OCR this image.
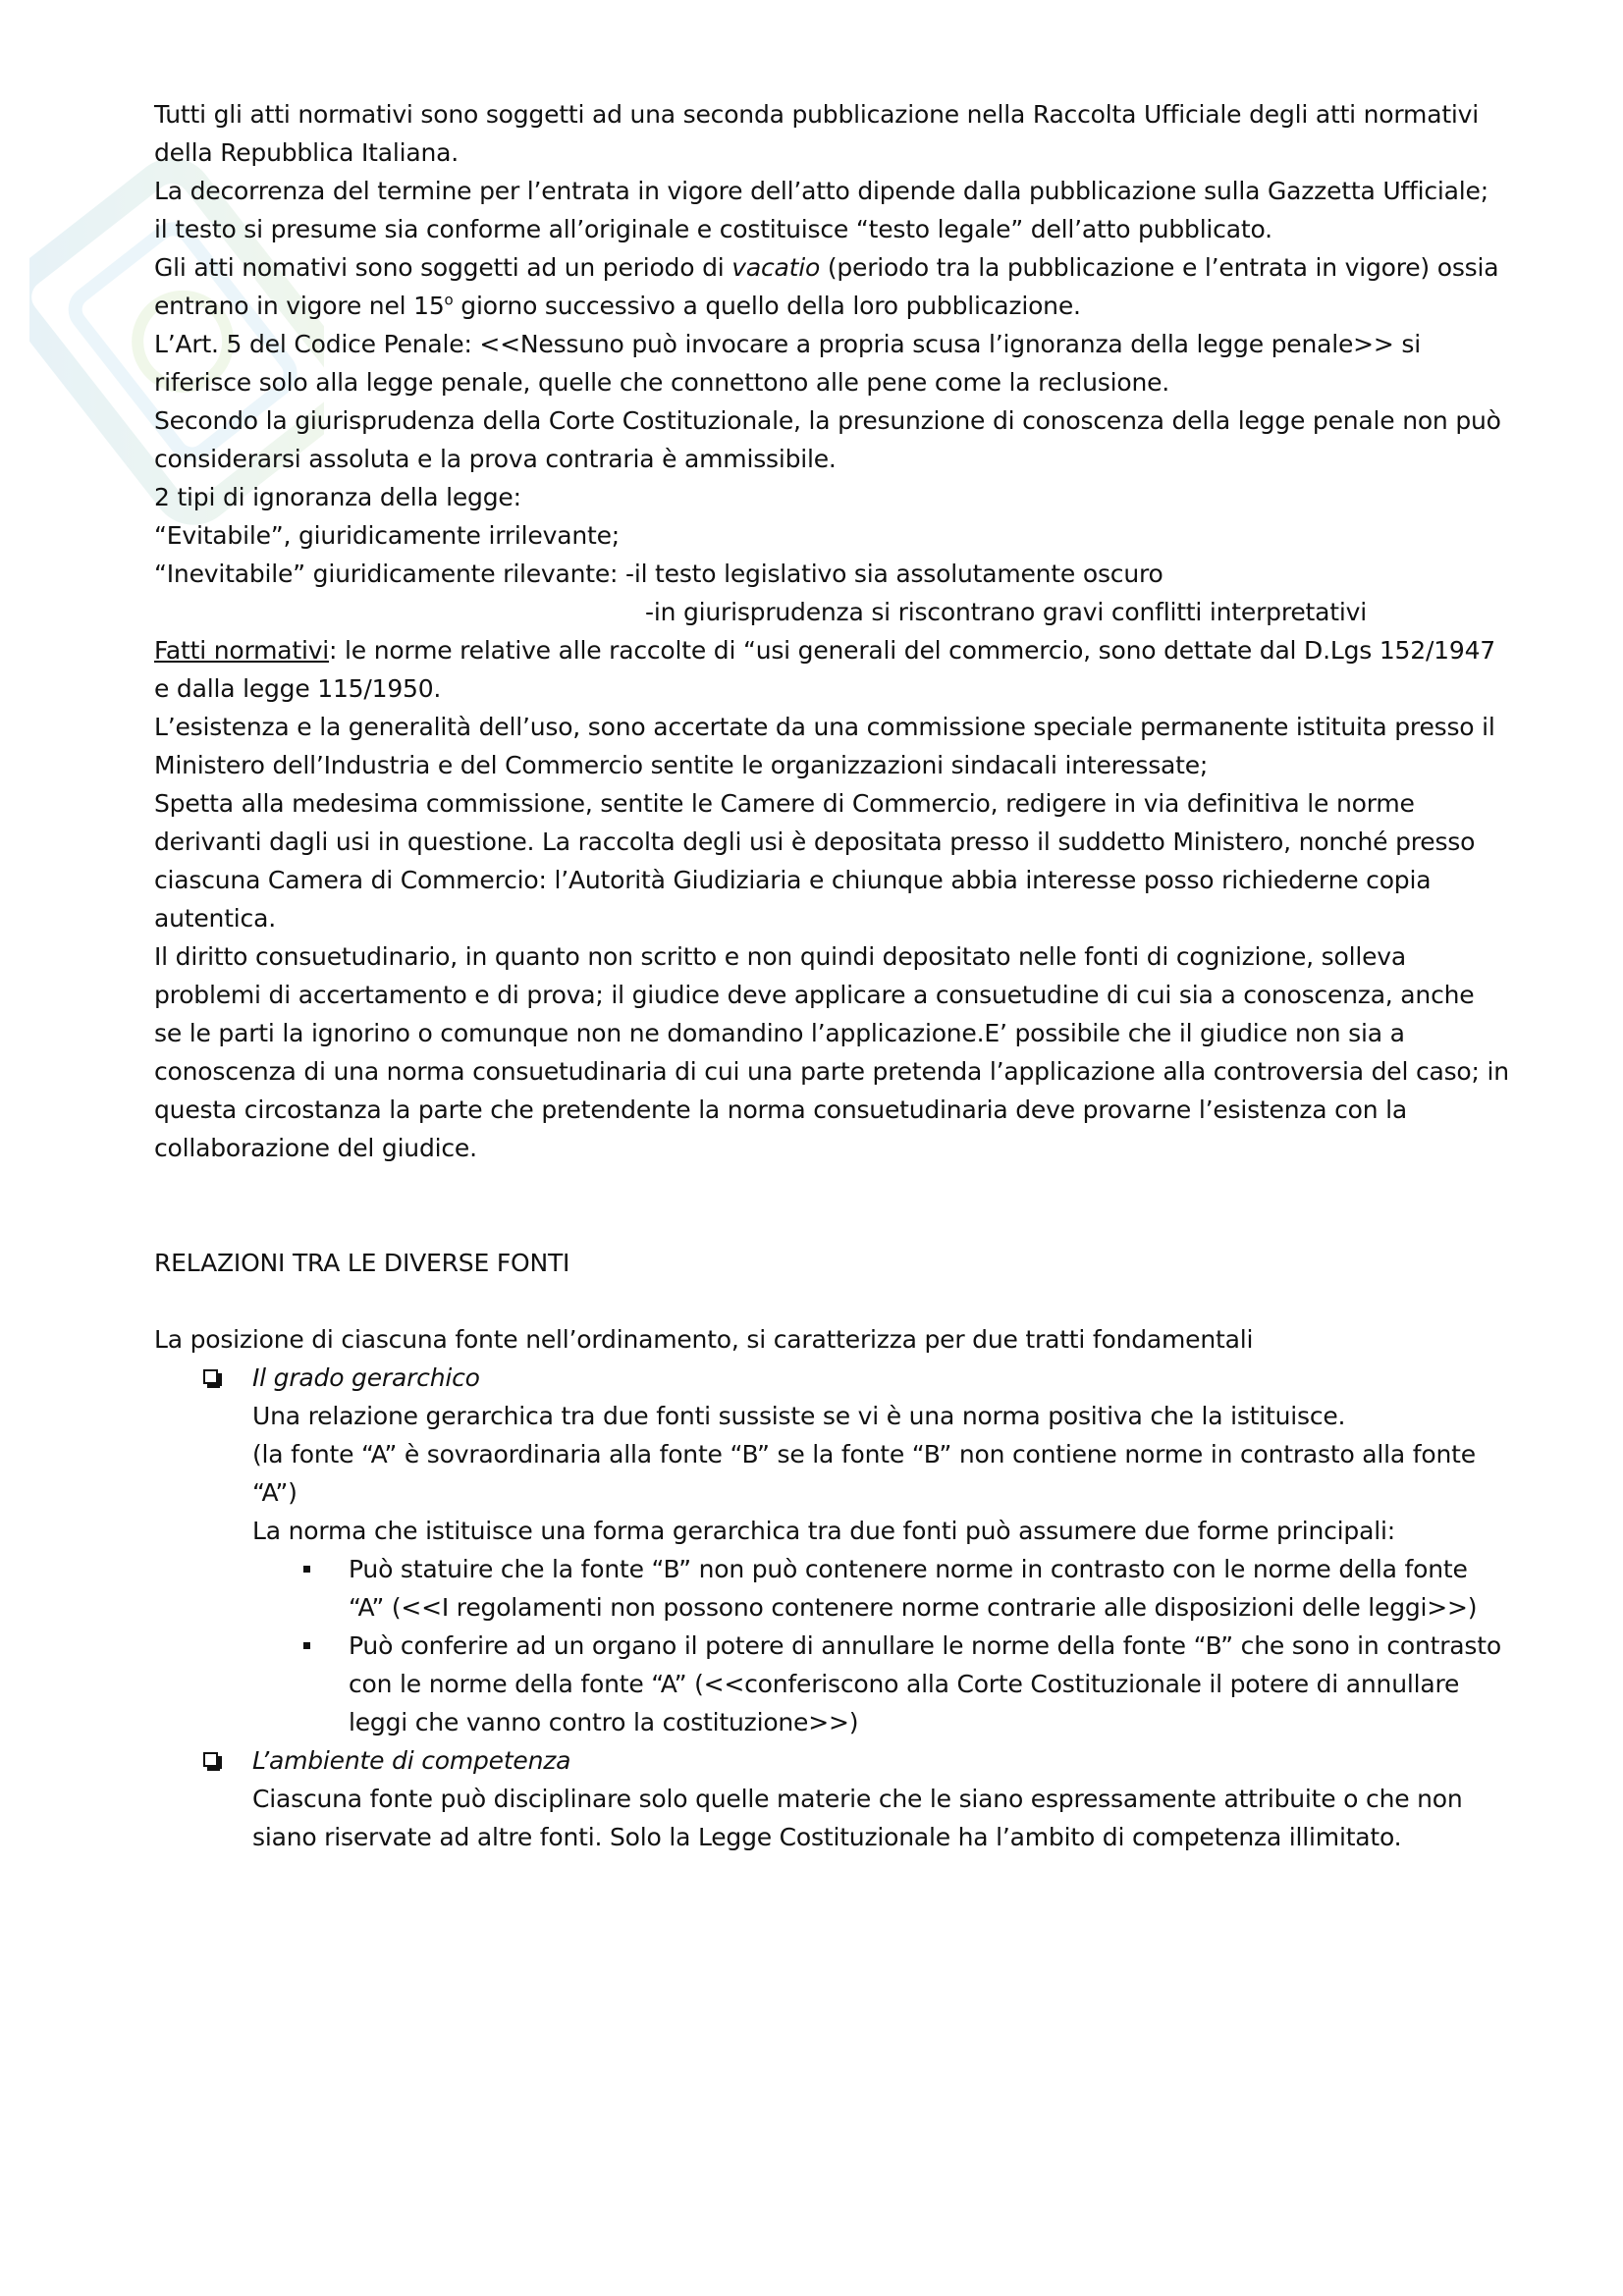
Tutti gli atti normativi sono soggetti ad una seconda pubblicazione nella Raccolta Ufficiale degli atti normativi della Repubblica Italiana.

La decorrenza del termine per l’entrata in vigore dell’atto dipende dalla pubblicazione sulla Gazzetta Ufficiale; il testo si presume sia conforme all’originale e costituisce “testo legale” dell’atto pubblicato.

Gli atti nomativi sono soggetti ad un periodo di vacatio (periodo tra la pubblicazione e l’entrata in vigore) ossia entrano in vigore nel 15$^o$ giorno successivo a quello della loro pubblicazione.

L’Art. 5 del Codice Penale: <<Nessuno può invocare a propria scusa l’ignoranza della legge penale>> si riferisce solo alla legge penale, quelle che connettono alle pene come la reclusione.

Secondo la giurisprudenza della Corte Costituzionale, la presunzione di conoscenza della legge penale non può considerarsi assoluta e la prova contraria è ammissibile.

2 tipi di ignoranza della legge:

“Evitabile”, giuridicamente irrilevante;

“Inevitabile” giuridicamente rilevante: -il testo legislativo sia assolutamente oscuro

-in giurisprudenza si riscontrano gravi conflitti interpretativi

Fatti normativi: le norme relative alle raccolte di “usi generali del commercio, sono dettate dal D.Lgs 152/1947 e dalla legge 115/1950.

L’esistenza e la generalità dell’uso, sono accertate da una commissione speciale permanente istituita presso il Ministero dell’Industria e del Commercio sentite le organizzazioni sindacali interessate;

Spetta alla medesima commissione, sentite le Camere di Commercio, redigere in via definitiva le norme derivanti dagli usi in questione. La raccolta degli usi è depositata presso il suddetto Ministero, nonché presso ciascuna Camera di Commercio: l’Autorità Giudiziaria e chiunque abbia interesse posso richiederne copia autentica.

Il diritto consuetudinario, in quanto non scritto e non quindi depositato nelle fonti di cognizione, solleva problemi di accertamento e di prova; il giudice deve applicare a consuetudine di cui sia a conoscenza, anche se le parti la ignorino o comunque non ne domandino l’applicazione.E’ possibile che il giudice non sia a conoscenza di una norma consuetudinaria di cui una parte pretenda l’applicazione alla controversia del caso; in questa circostanza la parte che pretendente la norma consuetudinaria deve provarne l’esistenza con la collaborazione del giudice.

RELAZIONI TRA LE DIVERSE FONTI

La posizione di ciascuna fonte nell’ordinamento, si caratterizza per due tratti fondamentali

Il grado gerarchico

Una relazione gerarchica tra due fonti sussiste se vi è una norma positiva che la istituisce.

(la fonte “A” è sovraordinaria alla fonte “B” se la fonte “B” non contiene norme in contrasto alla fonte “A”)

La norma che istituisce una forma gerarchica tra due fonti può assumere due forme principali:

Può statuire che la fonte “B” non può contenere norme in contrasto con le norme della fonte “A” (<<I regolamenti non possono contenere norme contrarie alle disposizioni delle leggi>>)
Può conferire ad un organo il potere di annullare le norme della fonte “B” che sono in contrasto con le norme della fonte “A” (<<conferiscono alla Corte Costituzionale il potere di annullare leggi che vanno contro la costituzione>>)

L’ambiente di competenza

Ciascuna fonte può disciplinare solo quelle materie che le siano espressamente attribuite o che non siano riservate ad altre fonti. Solo la Legge Costituzionale ha l’ambito di competenza illimitato.
